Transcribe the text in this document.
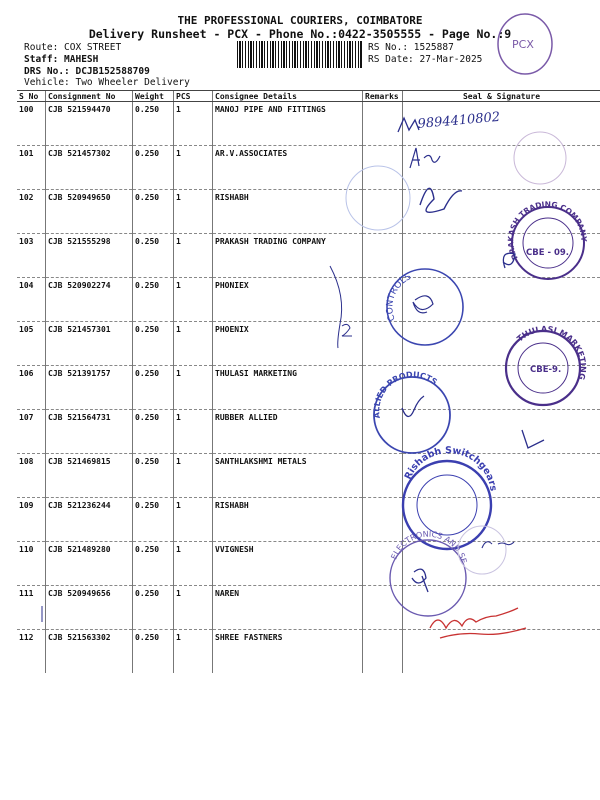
THE PROFESSIONAL COURIERS, COIMBATORE
Delivery Runsheet - PCX - Phone No.:0422-3505555 - Page No.:9
Route: COX STREET
Staff: MAHESH
DRS No.: DCJB152588709
Vehicle: Two Wheeler Delivery
RS No.: 1525887
RS Date: 27-Mar-2025
S No	Consignment No	Weight	PCS	Consignee Details	Remarks	Seal & Signature
100	CJB 521594470	0.250	1	MANOJ PIPE AND FITTINGS		
101	CJB 521457302	0.250	1	AR.V.ASSOCIATES		
102	CJB 520949650	0.250	1	RISHABH		
103	CJB 521555298	0.250	1	PRAKASH TRADING COMPANY		
104	CJB 520902274	0.250	1	PHONIEX		
105	CJB 521457301	0.250	1	PHOENIX		
106	CJB 521391757	0.250	1	THULASI MARKETING		
107	CJB 521564731	0.250	1	RUBBER ALLIED		
108	CJB 521469815	0.250	1	SANTHLAKSHMI METALS		
109	CJB 521236244	0.250	1	RISHABH		
110	CJB 521489280	0.250	1	VVIGNESH		
111	CJB 520949656	0.250	1	NAREN		
112	CJB 521563302	0.250	1	SHREE FASTNERS		
PCX
9894410802
PRAKASH TRADING COMPANY
CBE - 09.
CONTROLS
THULASI MARKETING
CBE-9.
ALLIED PRODUCTS
Rishabh Switchgears
ELECTRONICS AND SE
